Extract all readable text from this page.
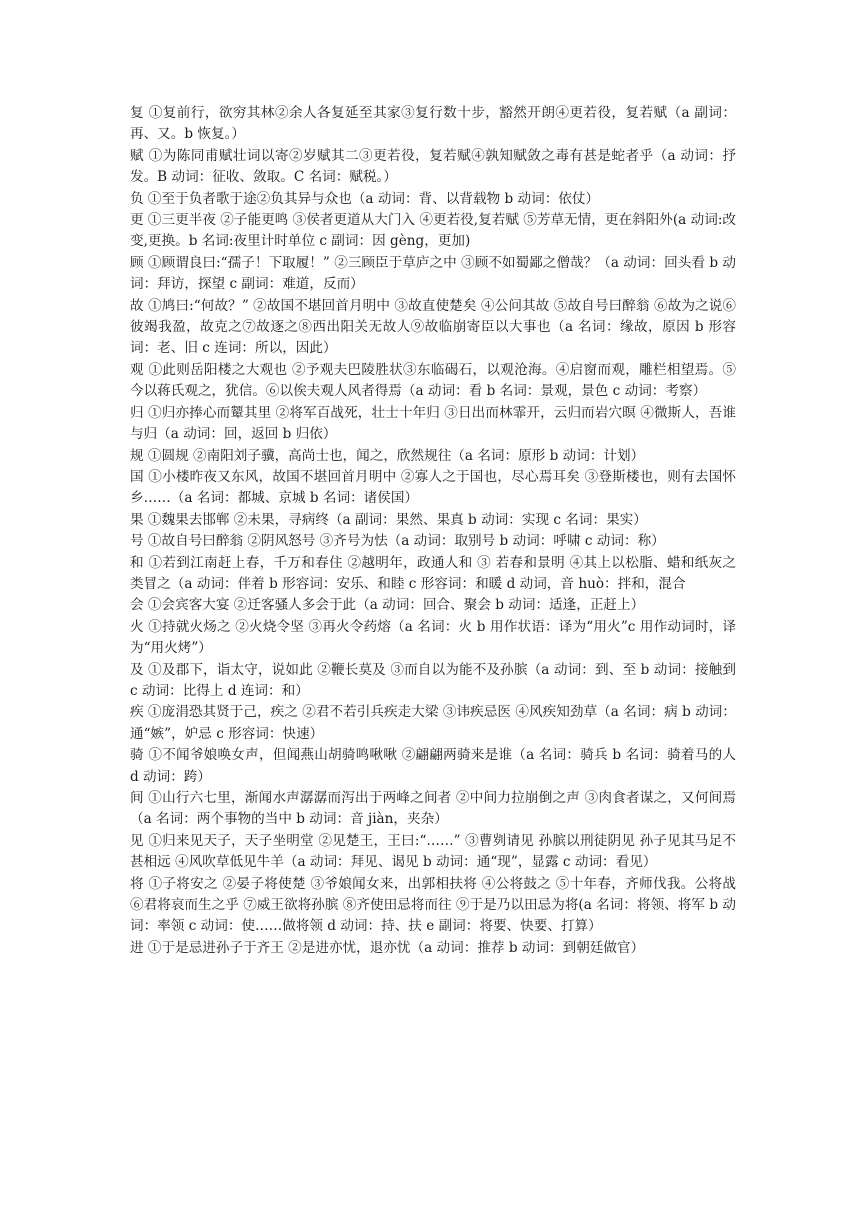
复 ①复前行，欲穷其林②余人各复延至其家③复行数十步，豁然开朗④更若役，复若赋（a 副词：再、又。b 恢复。）

赋 ①为陈同甫赋壮词以寄②岁赋其二③更若役，复若赋④孰知赋敛之毒有甚是蛇者乎（a 动词：抒发。B 动词：征收、敛取。C 名词：赋税。）

负 ①至于负者歌于途②负其异与众也（a 动词：背、以背载物 b 动词：依仗）

更 ①三更半夜 ②子能更鸣 ③侯者更道从大门入 ④更若役,复若赋 ⑤芳草无情，更在斜阳外(a 动词:改变,更换。b 名词:夜里计时单位 c 副词：因 gèng，更加)

顾 ①顾谓良曰:“孺子！下取履！” ②三顾臣于草庐之中 ③顾不如蜀鄙之僧哉？（a 动词：回头看 b 动词：拜访，探望 c 副词：难道，反而）

故 ①鸠曰:“何故？” ②故国不堪回首月明中 ③故直使楚矣 ④公问其故 ⑤故自号曰醉翁 ⑥故为之说⑥彼竭我盈，故克之⑦故逐之⑧西出阳关无故人⑨故临崩寄臣以大事也（a 名词：缘故，原因 b 形容词：老、旧 c 连词：所以，因此）

观 ①此则岳阳楼之大观也 ②予观夫巴陵胜状③东临碣石，以观沧海。④启窗而观，雕栏相望焉。⑤今以蒋氏观之，犹信。⑥以俟夫观人风者得焉（a 动词：看 b 名词：景观，景色 c 动词：考察）

归 ①归亦捧心而颦其里 ②将军百战死，壮士十年归 ③日出而林霏开，云归而岩穴暝 ④微斯人，吾谁与归（a 动词：回，返回 b 归依）

规 ①圆规 ②南阳刘子骥，高尚士也，闻之，欣然规往（a 名词：原形 b 动词：计划）

国 ①小楼昨夜又东风，故国不堪回首月明中 ②寡人之于国也，尽心焉耳矣 ③登斯楼也，则有去国怀乡……（a 名词：都城、京城 b 名词：诸侯国）

果 ①魏果去邯郸 ②未果，寻病终（a 副词：果然、果真 b 动词：实现 c 名词：果实）

号 ①故自号曰醉翁 ②阴风怒号 ③齐号为怯（a 动词：取别号 b 动词：呼啸 c 动词：称）

和 ①若到江南赶上春，千万和春住 ②越明年，政通人和 ③ 若春和景明 ④其上以松脂、蜡和纸灰之类冒之（a 动词：伴着 b 形容词：安乐、和睦 c 形容词：和暖 d 动词，音 huò：拌和，混合

会 ①会宾客大宴 ②迁客骚人多会于此（a 动词：回合、聚会 b 动词：适逢，正赶上）

火 ①持就火炀之 ②火烧令坚 ③再火令药熔（a 名词：火 b 用作状语：译为“用火”c 用作动词时，译为“用火烤”）

及 ①及郡下，诣太守，说如此 ②鞭长莫及 ③而自以为能不及孙膑（a 动词：到、至 b 动词：接触到 c 动词：比得上 d 连词：和）

疾 ①庞涓恐其贤于己，疾之 ②君不若引兵疾走大梁 ③讳疾忌医 ④风疾知劲草（a 名词：病 b 动词：通“嫉”，妒忌 c 形容词：快速）

骑 ①不闻爷娘唤女声，但闻燕山胡骑鸣啾啾 ②翩翩两骑来是谁（a 名词：骑兵 b 名词：骑着马的人 d 动词：跨）

间 ①山行六七里，渐闻水声潺潺而泻出于两峰之间者 ②中间力拉崩倒之声 ③肉食者谋之，又何间焉（a 名词：两个事物的当中 b 动词：音 jiàn，夹杂）

见 ①归来见天子，天子坐明堂 ②见楚王，王曰:“……” ③曹刿请见 孙膑以刑徒阴见 孙子见其马足不甚相远 ④风吹草低见牛羊（a 动词：拜见、谒见 b 动词：通“现”，显露 c 动词：看见）

将 ①子将安之 ②晏子将使楚 ③爷娘闻女来，出郭相扶将 ④公将鼓之 ⑤十年春，齐师伐我。公将战 ⑥君将哀而生之乎 ⑦威王欲将孙膑 ⑧齐使田忌将而往 ⑨于是乃以田忌为将(a 名词：将领、将军 b 动词：率领 c 动词：使……做将领 d 动词：持、扶 e 副词：将要、快要、打算）

进 ①于是忌进孙子于齐王 ②是进亦忧，退亦忧（a 动词：推荐 b 动词：到朝廷做官）
